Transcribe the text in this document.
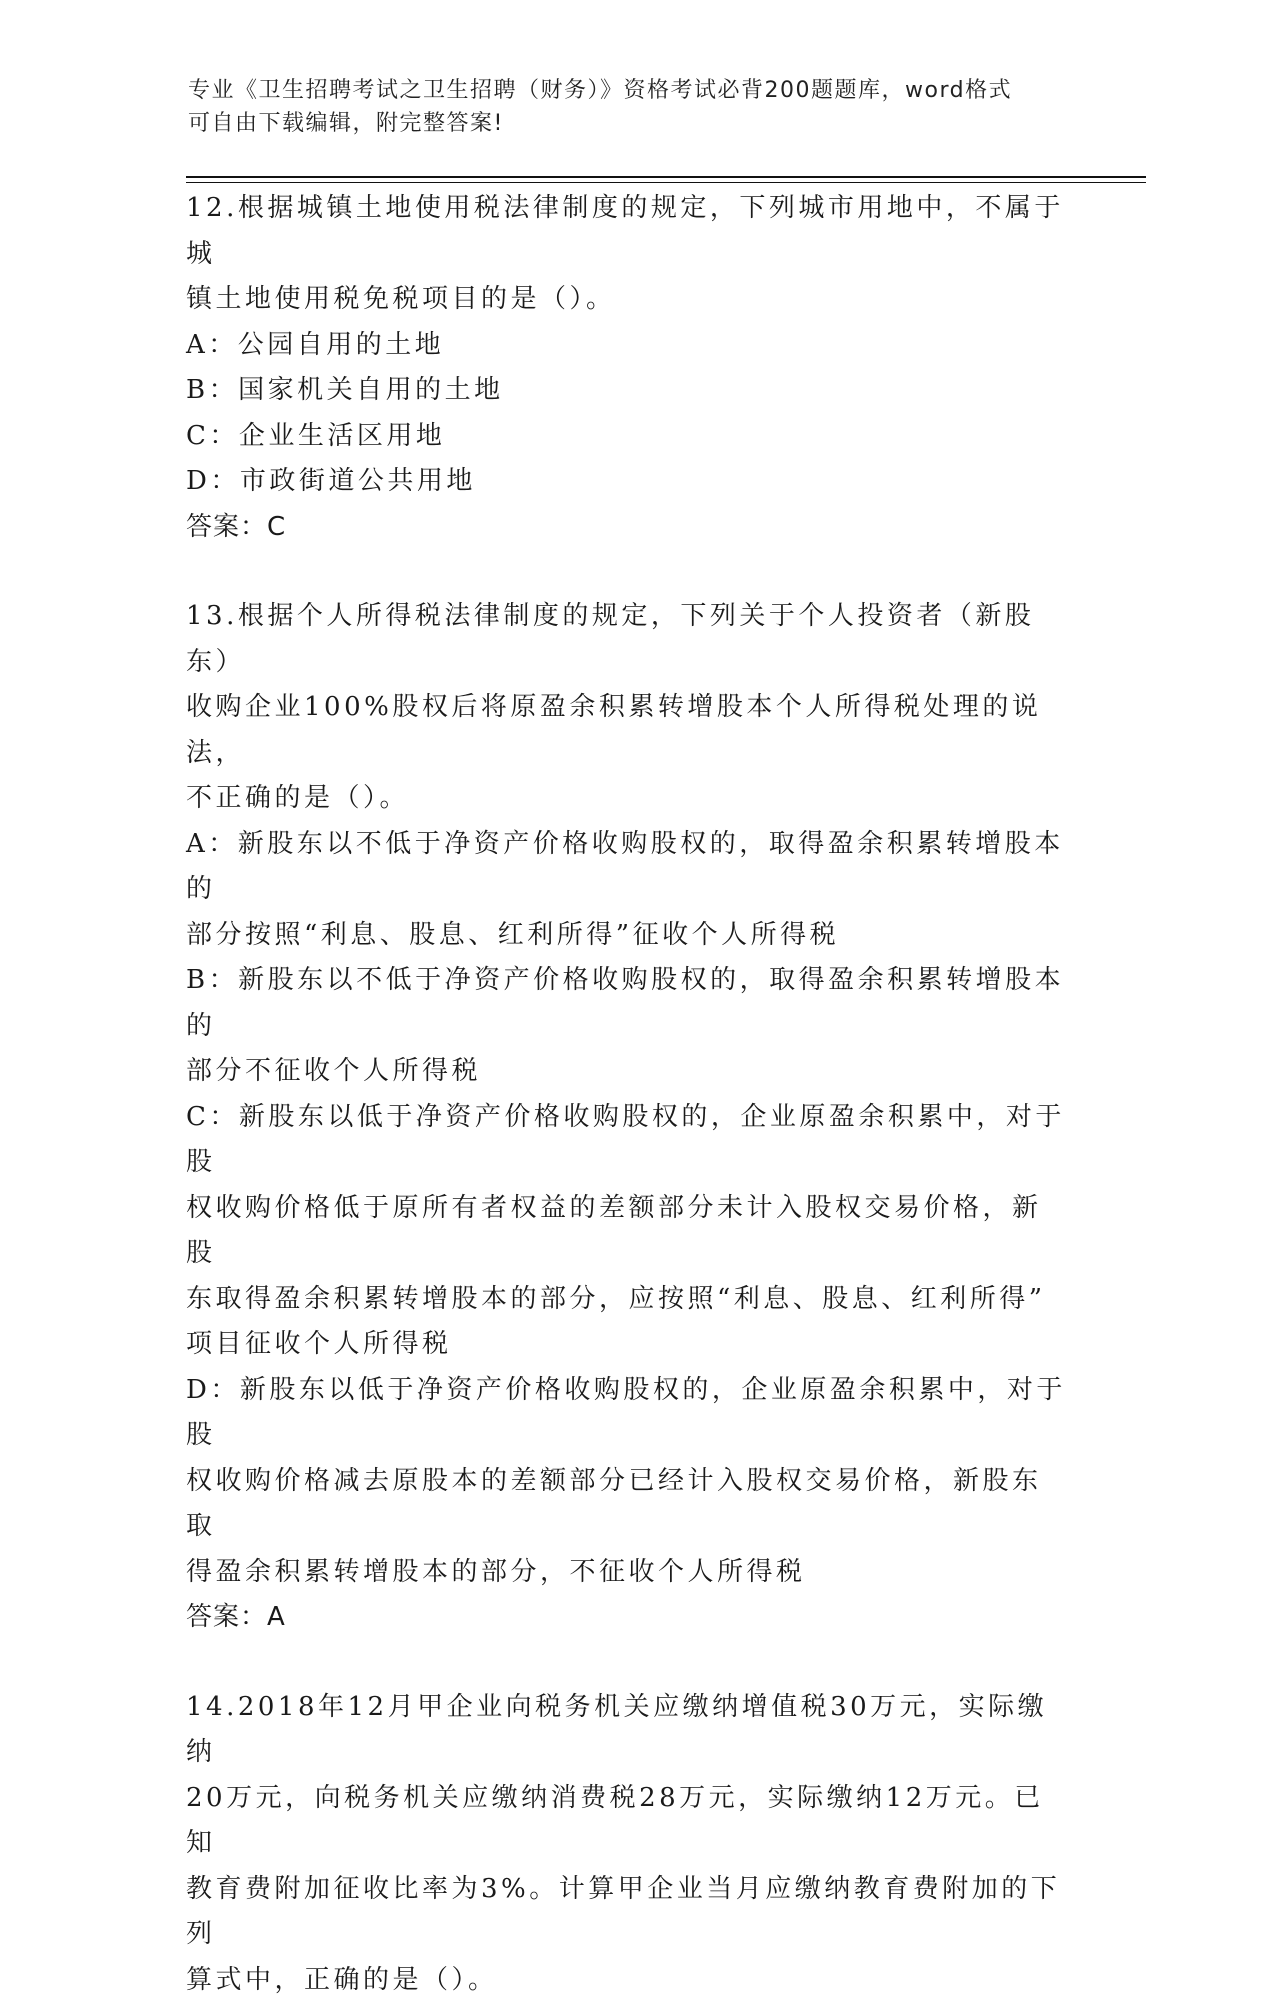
专业《卫生招聘考试之卫生招聘（财务）》资格考试必背200题题库，word格式
可自由下载编辑，附完整答案!

12.根据城镇土地使用税法律制度的规定，下列城市用地中，不属于城

镇土地使用税免税项目的是（）。

A：公园自用的土地

B：国家机关自用的土地

C：企业生活区用地

D：市政街道公共用地

答案：C

13.根据个人所得税法律制度的规定，下列关于个人投资者（新股东）

收购企业100%股权后将原盈余积累转增股本个人所得税处理的说法，

不正确的是（）。

A：新股东以不低于净资产价格收购股权的，取得盈余积累转增股本的

部分按照“利息、股息、红利所得”征收个人所得税

B：新股东以不低于净资产价格收购股权的，取得盈余积累转增股本的

部分不征收个人所得税

C：新股东以低于净资产价格收购股权的，企业原盈余积累中，对于股

权收购价格低于原所有者权益的差额部分未计入股权交易价格，新股

东取得盈余积累转增股本的部分，应按照“利息、股息、红利所得”

项目征收个人所得税

D：新股东以低于净资产价格收购股权的，企业原盈余积累中，对于股

权收购价格减去原股本的差额部分已经计入股权交易价格，新股东取

得盈余积累转增股本的部分，不征收个人所得税

答案：A

14.2018年12月甲企业向税务机关应缴纳增值税30万元，实际缴纳

20万元，向税务机关应缴纳消费税28万元，实际缴纳12万元。已知

教育费附加征收比率为3%。计算甲企业当月应缴纳教育费附加的下列

算式中，正确的是（）。
